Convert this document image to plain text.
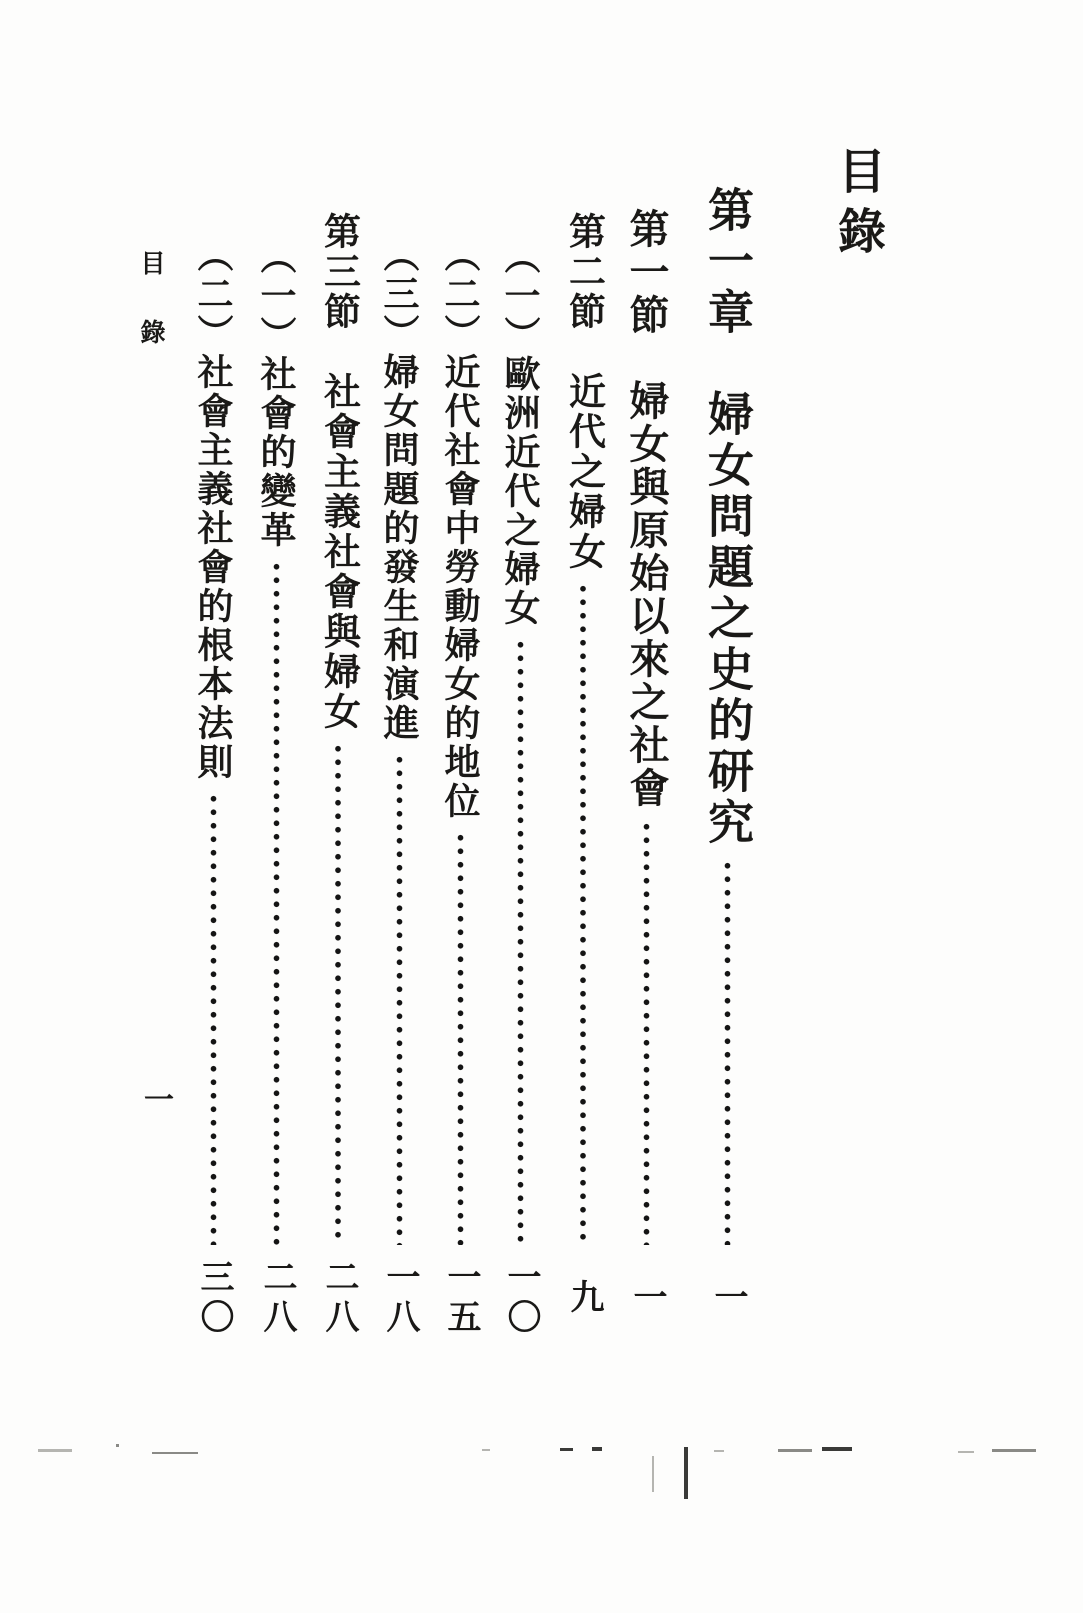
目錄
目錄
一
第一章　婦女問題之史的研究
一
第一節　婦女與原始以來之社會
一
第二節　近代之婦女
九
（一）歐洲近代之婦女
一〇
（二）近代社會中勞動婦女的地位
一五
（三）婦女問題的發生和演進
一八
第三節　社會主義社會與婦女
二八
（一）社會的變革
二八
（二）社會主義社會的根本法則
三〇
